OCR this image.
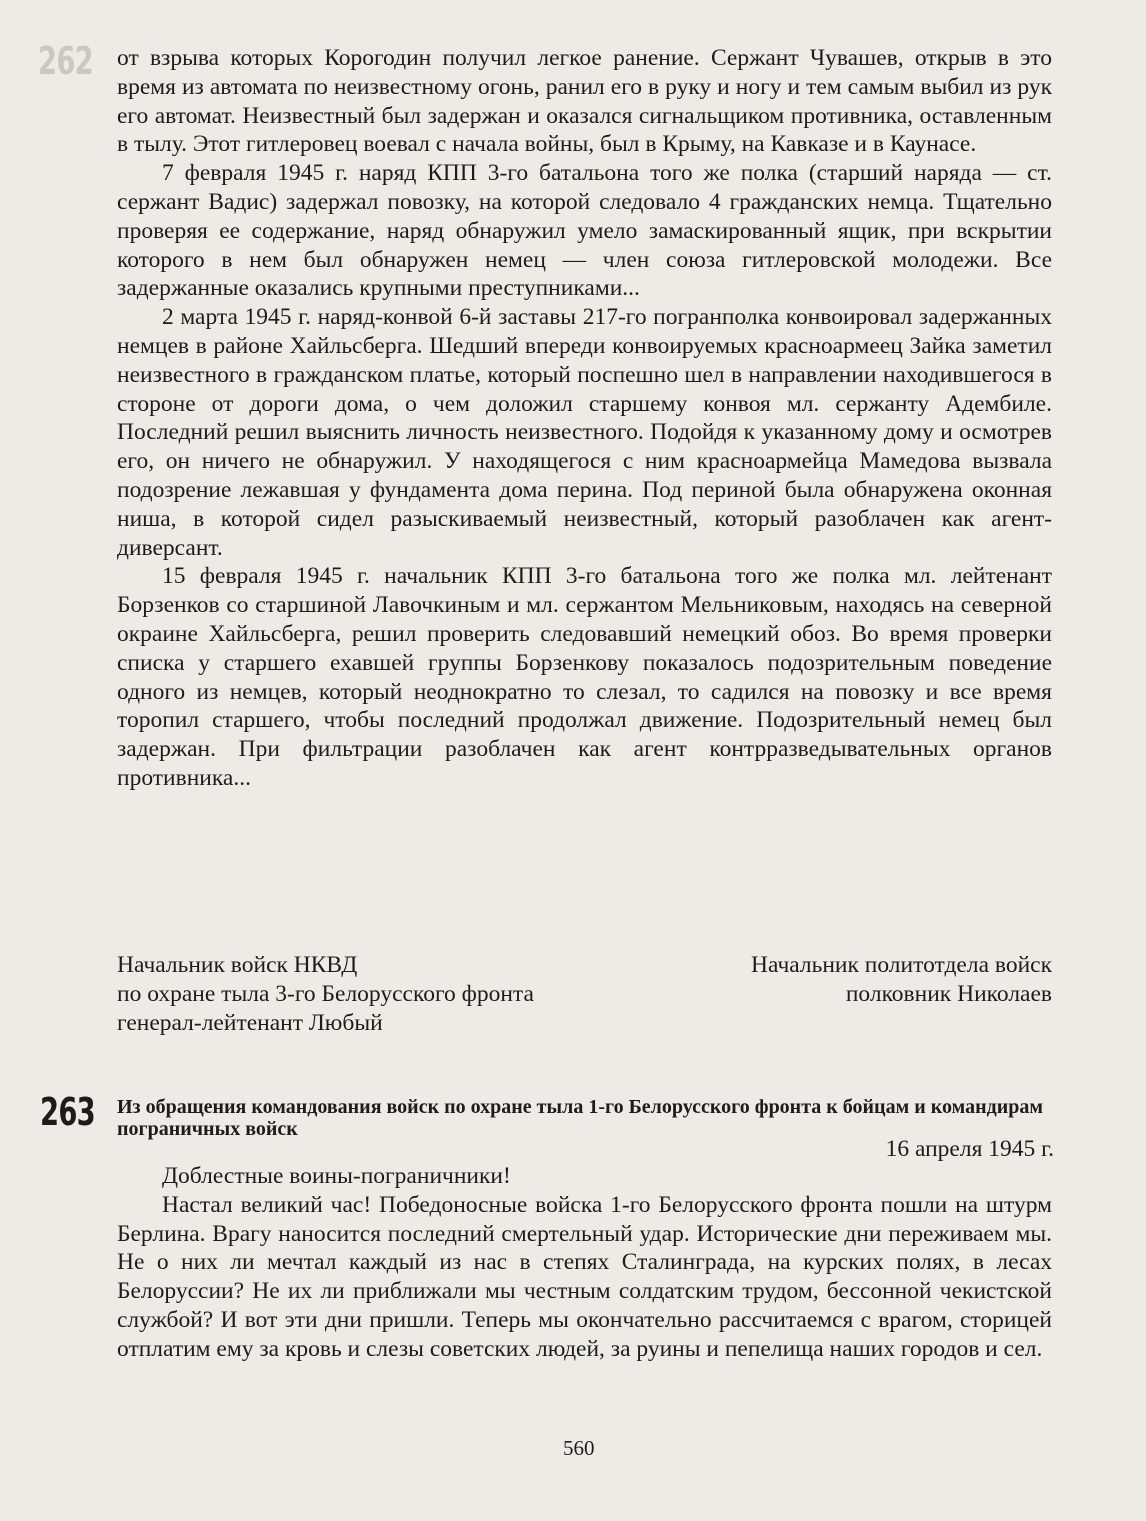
262 от взрыва которых Корогодин получил легкое ранение. Сержант Чувашев, открыв в это время из автомата по неизвестному огонь, ранил его в руку и ногу и тем самым выбил из рук его автомат. Неизвестный был задержан и оказался сигнальщиком противника, оставленным в тылу. Этот гитлеровец воевал с начала войны, был в Крыму, на Кавказе и в Каунасе.

7 февраля 1945 г. наряд КПП 3-го батальона того же полка (старший наряда — ст. сержант Вадис) задержал повозку, на которой следовало 4 гражданских немца. Тщательно проверяя ее содержание, наряд обнаружил умело замаскированный ящик, при вскрытии которого в нем был обнаружен немец — член союза гитлеровской молодежи. Все задержанные оказались крупными преступниками...

2 марта 1945 г. наряд-конвой 6-й заставы 217-го погранполка конвоировал задержанных немцев в районе Хайльсберга. Шедший впереди конвоируемых красноармеец Зайка заметил неизвестного в гражданском платье, который поспешно шел в направлении находившегося в стороне от дороги дома, о чем доложил старшему конвоя мл. сержанту Адембиле. Последний решил выяснить личность неизвестного. Подойдя к указанному дому и осмотрев его, он ничего не обнаружил. У находящегося с ним красноармейца Мамедова вызвала подозрение лежавшая у фундамента дома перина. Под периной была обнаружена оконная ниша, в которой сидел разыскиваемый неизвестный, который разоблачен как агент-диверсант.

15 февраля 1945 г. начальник КПП 3-го батальона того же полка мл. лейтенант Борзенков со старшиной Лавочкиным и мл. сержантом Мельниковым, находясь на северной окраине Хайльсберга, решил проверить следовавший немецкий обоз. Во время проверки списка у старшего ехавшей группы Борзенкову показалось подозрительным поведение одного из немцев, который неоднократно то слезал, то садился на повозку и все время торопил старшего, чтобы последний продолжал движение. Подозрительный немец был задержан. При фильтрации разоблачен как агент контрразведывательных органов противника...

Начальник войск НКВД	Начальник политотдела войск
по охране тыла 3-го Белорусского фронта	полковник Николаев
генерал-лейтенант Любый
263 Из обращения командования войск по охране тыла 1-го Белорусского фронта к бойцам и командирам пограничных войск
16 апреля 1945 г.

Доблестные воины-пограничники!

Настал великий час! Победоносные войска 1-го Белорусского фронта пошли на штурм Берлина. Врагу наносится последний смертельный удар. Исторические дни переживаем мы. Не о них ли мечтал каждый из нас в степях Сталинграда, на курских полях, в лесах Белоруссии? Не их ли приближали мы честным солдатским трудом, бессонной чекистской службой? И вот эти дни пришли. Теперь мы окончательно рассчитаемся с врагом, сторицей отплатим ему за кровь и слезы советских людей, за руины и пепелища наших городов и сел.

560
